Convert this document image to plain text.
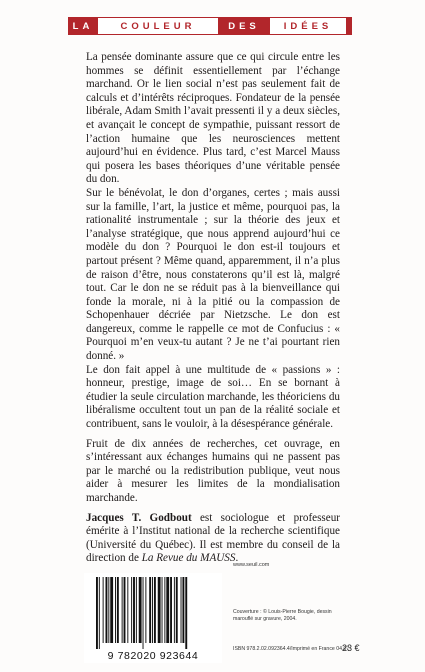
LA	COULEUR	DES	IDÉES

La pensée dominante assure que ce qui circule entre les hommes se définit essentiellement par l’échange marchand. Or le lien social n’est pas seulement fait de calculs et d’intérêts réciproques. Fondateur de la pensée libérale, Adam Smith l’avait pressenti il y a deux siècles, et avançait le concept de sympathie, puissant ressort de l’action humaine que les neurosciences mettent aujourd’hui en évidence. Plus tard, c’est Marcel Mauss qui posera les bases théoriques d’une véritable pensée du don.

Sur le bénévolat, le don d’organes, certes ; mais aussi sur la famille, l’art, la justice et même, pourquoi pas, la rationalité instrumentale ; sur la théorie des jeux et l’analyse stratégique, que nous apprend aujourd’hui ce modèle du don ? Pourquoi le don est-il toujours et partout présent ? Même quand, apparemment, il n’a plus de raison d’être, nous constaterons qu’il est là, malgré tout. Car le don ne se réduit pas à la bienveillance qui fonde la morale, ni à la pitié ou la compassion de Schopenhauer décriée par Nietzsche. Le don est dangereux, comme le rappelle ce mot de Confucius : « Pourquoi m’en veux-tu autant ? Je ne t’ai pourtant rien donné. »

Le don fait appel à une multitude de « passions » : honneur, prestige, image de soi… En se bornant à étudier la seule circulation marchande, les théoriciens du libéralisme occultent tout un pan de la réalité sociale et contribuent, sans le vouloir, à la désespérance générale.

Fruit de dix années de recherches, cet ouvrage, en s’intéressant aux échanges humains qui ne passent pas par le marché ou la redistribution publique, veut nous aider à mesurer les limites de la mondialisation marchande.

Jacques T. Godbout est sociologue et professeur émérite à l’Institut national de la recherche scientifique (Université du Québec). Il est membre du conseil de la direction de La Revue du MAUSS.

9 782020 923644
www.seuil.com
Couverture : © Louis-Pierre Bougie, dessin marouflé sur gravure, 2004.
ISBN 978.2.02.092364.4/Imprimé en France 04.07
23 €
